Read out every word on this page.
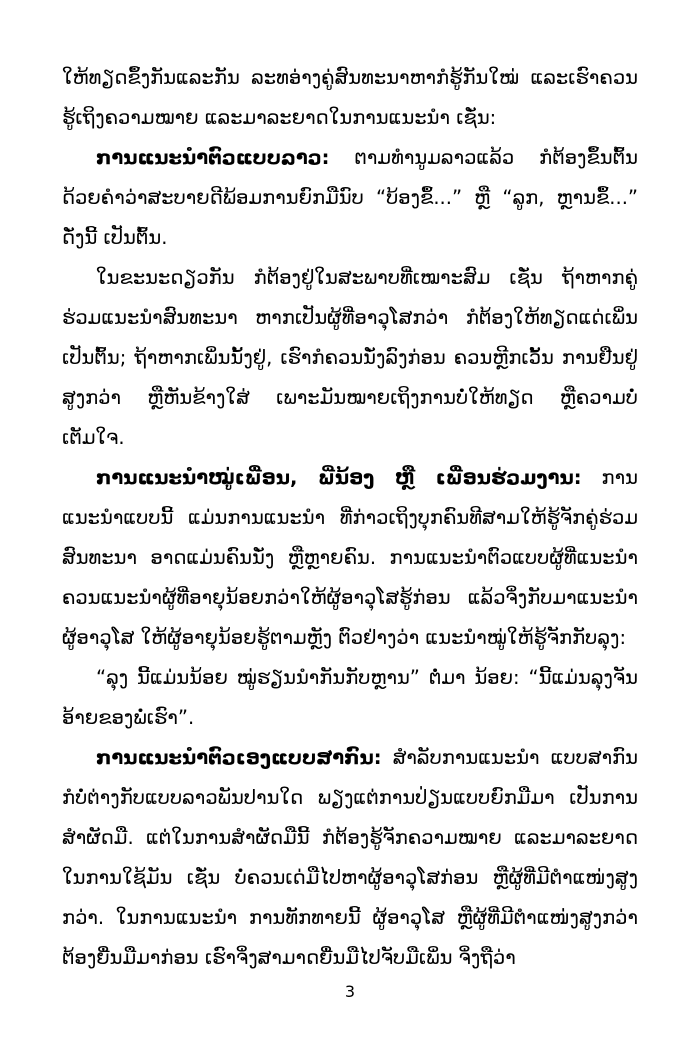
ໃຫ້ທຽດຂຶ້ງກັນແລະກັນ ລະທອ່າງຄູ່ສົນທະນາຫາກໍຮູ້ກັນໃໝ່ ແລະເຮົາຄວນຮູ້ເຖິງຄວາມໝາຍ ແລະມາລະຍາດໃນການແນະນຳ ເຊັ່ນ:

ການແນະນຳຕົວແບບລາວ: ຕາມທຳນູມລາວແລ້ວ ກໍຕ້ອງຂຶ້ນຕົ້ນດ້ວຍຄຳວ່າສະບາຍດີພ້ອມການຍົກມືນົບ “ບ້ອງຂ້ຶ...” ຫຼື “ລູກ, ຫຼານຂ້ຶ...” ດັ່ງນີ້ ເປັນຕົ້ນ.

ໃນຂະນະດຽວກັນ ກໍຕ້ອງຢູ່ໃນສະພາບທີ່ເໝາະສົມ ເຊັ່ນ ຖ້າຫາກຄູ່ຮ່ວມແນະນຳສົນທະນາ ຫາກເປັນຜູ້ທີ່ອາວຸໂສກວ່າ ກໍຕ້ອງໃຫ້ທຽດແດ່ເພິ່ນ ເປັນຕົ້ນ; ຖ້າຫາກເພິ່ນນັ້ງຢູ່, ເຮົາກໍຄວນນັ່ງລົງກ່ອນ ຄວນຫຼີກເວັ້ນ ການຢືນຢູ່ສູງກວ່າ ຫຼືຫັນຂ້າງໃສ່ ເພາະມັນໝາຍເຖິງການບໍ່ໃຫ້ທຽດ ຫຼືຄວາມບໍ່ເຕັມໃຈ.

ການແນະນຳໝູ່ເພື່ອນ, ພີ່ນ້ອງ ຫຼື ເພື່ອນຮ່ວມງານ: ການແນະນຳແບບນີ້ ແມ່ນການແນະນຳ ທີ່ກ່າວເຖິງບຸກຄົນທີສາມໃຫ້ຮູ້ຈັກຄູ່ຮ່ວມສົນທະນາ ອາດແມ່ນຄົນນັ່ງ ຫຼືຫຼາຍຄົນ. ການແນະນຳຕົວແບບຜູ້ທີ່ແນະນຳ ຄວນແນະນຳຜູ້ທີ່ອາຍຸນ້ອຍກວ່າໃຫ້ຜູ້ອາວຸໂສຮູ້ກ່ອນ ແລ້ວຈິ່ງກັບມາແນະນຳຜູ້ອາວຸໂສ ໃຫ້ຜູ້ອາຍຸນ້ອຍຮູ້ຕາມຫຼັງ ຕົວຢ່າງວ່າ ແນະນຳໝູ່ໃຫ້ຮູ້ຈັກກັບລຸງ:

“ລຸງ ນີ້ແມ່ນນ້ອຍ ໝູ່ຮຽນນຳກັນກັບຫຼານ” ຕໍ່ມາ ນ້ອຍ: “ນີ້ແມ່ນລຸງຈັນ ອ້າຍຂອງພໍ່ເຮົາ”.

ການແນະນຳຕົວເອງແບບສາກົນ: ສຳລັບການແນະນຳ ແບບສາກົນ ກໍບໍ່ຕ່າງກັບແບບລາວພັນປານໃດ ພຽງແຕ່ການປ່ຽນແບບຍົກມືມາ ເປັນການສຳຜັດມື. ແຕ່ໃນການສຳຜັດມືນີ້ ກໍຕ້ອງຮູ້ຈັກຄວາມໝາຍ ແລະມາລະຍາດໃນການໃຊ້ມັນ ເຊັ່ນ ບໍ່ຄວນເດ່ມືໄປຫາຜູ້ອາວຸໂສກ່ອນ ຫຼືຜູ້ທີ່ມີຕຳແໜ່ງສູງກວ່າ. ໃນການແນະນຳ ການທັກທາຍນີ້ ຜູ້ອາວຸໂສ ຫຼືຜູ້ທີ່ມີຕຳແໜ່ງສູງກວ່າ ຕ້ອງຍື່ນມືມາກ່ອນ ເຮົາຈິ່ງສາມາດຍື່ນມືໄປຈັບມືເພິ່ນ ຈິ່ງຖືວ່າ

3
